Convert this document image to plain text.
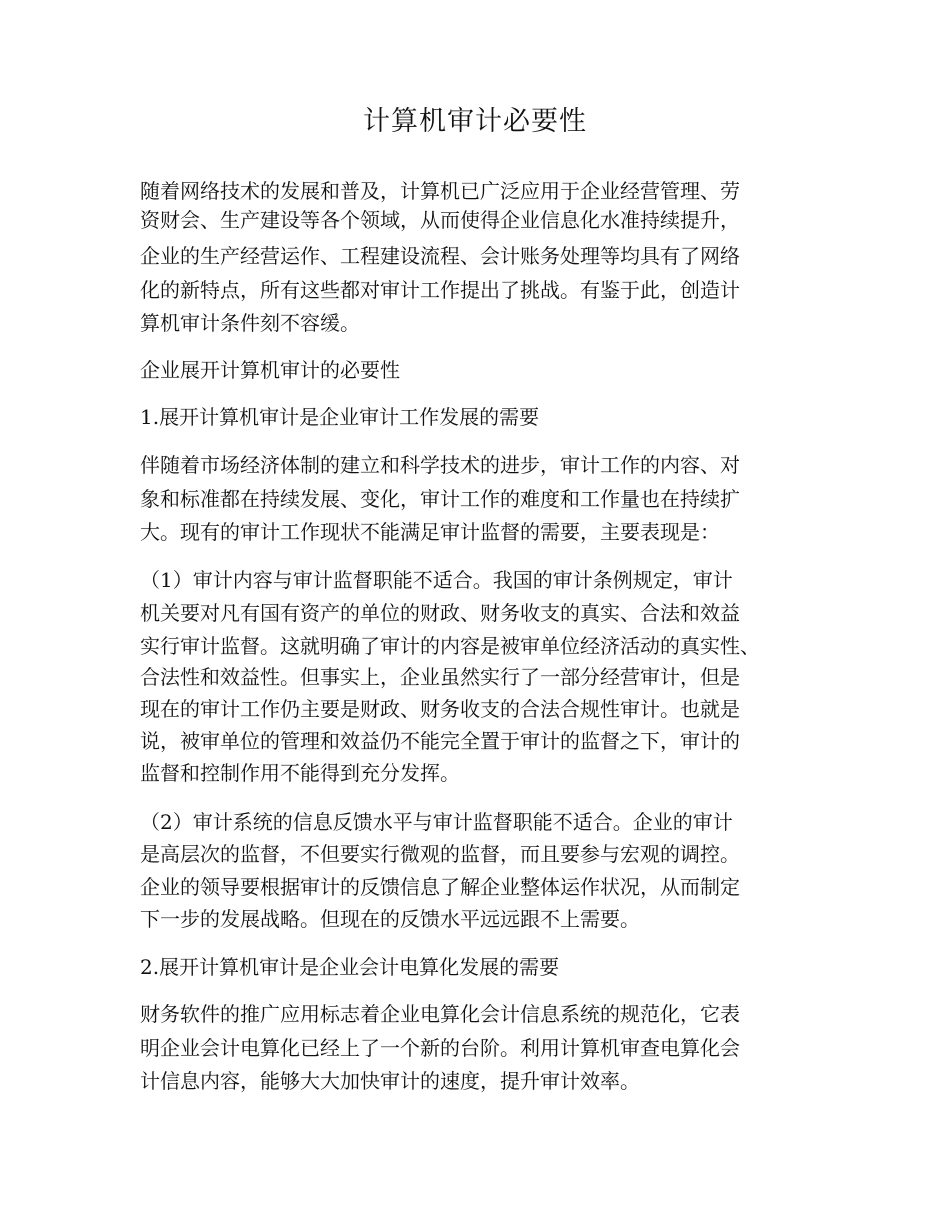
计算机审计必要性
随着网络技术的发展和普及，计算机已广泛应用于企业经营管理、劳
资财会、生产建设等各个领域，从而使得企业信息化水准持续提升，
企业的生产经营运作、工程建设流程、会计账务处理等均具有了网络
化的新特点，所有这些都对审计工作提出了挑战。有鉴于此，创造计
算机审计条件刻不容缓。
企业展开计算机审计的必要性
1.展开计算机审计是企业审计工作发展的需要
伴随着市场经济体制的建立和科学技术的进步，审计工作的内容、对
象和标准都在持续发展、变化，审计工作的难度和工作量也在持续扩
大。现有的审计工作现状不能满足审计监督的需要，主要表现是：
（1）审计内容与审计监督职能不适合。我国的审计条例规定，审计
机关要对凡有国有资产的单位的财政、财务收支的真实、合法和效益
实行审计监督。这就明确了审计的内容是被审单位经济活动的真实性、
合法性和效益性。但事实上，企业虽然实行了一部分经营审计，但是
现在的审计工作仍主要是财政、财务收支的合法合规性审计。也就是
说，被审单位的管理和效益仍不能完全置于审计的监督之下，审计的
监督和控制作用不能得到充分发挥。
（2）审计系统的信息反馈水平与审计监督职能不适合。企业的审计
是高层次的监督，不但要实行微观的监督，而且要参与宏观的调控。
企业的领导要根据审计的反馈信息了解企业整体运作状况，从而制定
下一步的发展战略。但现在的反馈水平远远跟不上需要。
2.展开计算机审计是企业会计电算化发展的需要
财务软件的推广应用标志着企业电算化会计信息系统的规范化，它表
明企业会计电算化已经上了一个新的台阶。利用计算机审查电算化会
计信息内容，能够大大加快审计的速度，提升审计效率。
